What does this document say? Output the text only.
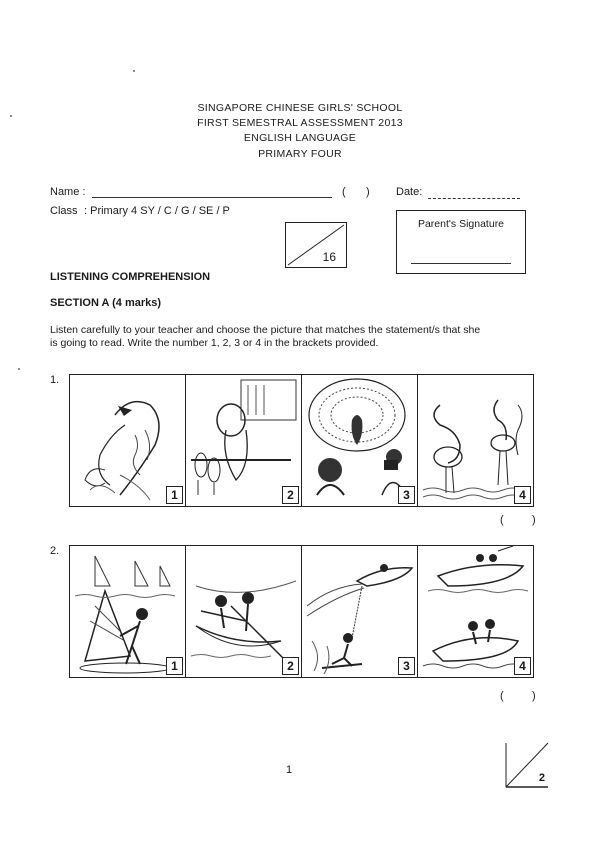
SINGAPORE CHINESE GIRLS' SCHOOL
FIRST SEMESTRAL ASSESSMENT 2013
ENGLISH LANGUAGE
PRIMARY FOUR
Name :	( ) Date:
Class : Primary 4 SY / C / G / SE / P
16
Parent's Signature
LISTENING COMPREHENSION
SECTION A (4 marks)
Listen carefully to your teacher and choose the picture that matches the statement/s that she
is going to read. Write the number 1, 2, 3 or 4 in the brackets provided.
1.
1	2	3	4
(	)
2.
1	2	3	4
(	)
1
2
